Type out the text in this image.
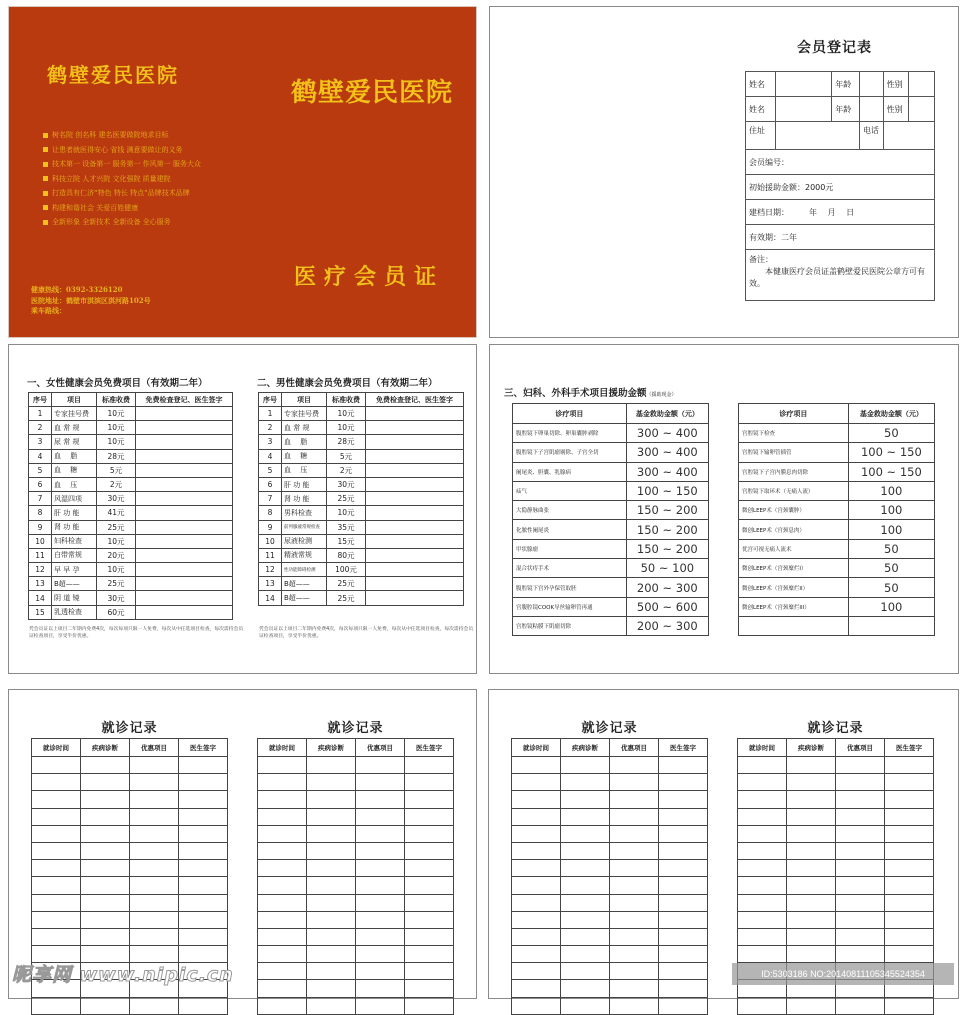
鹤壁爱民医院
鹤壁爱民医院
树名院 创名科 建名医要做院地求目标
让患者就医得安心 省钱 满意要做让的义务
技术第一 设备第一 服务第一 作风第一 服务大众
科技立院 人才兴院 文化强院 质量建院
打造具有仁济“特色 特长 特点”品牌技术品牌
构建和谐社会 关爱百姓健康
全新形象 全新技术 全新设备 全心服务
健康热线：0392-3326120
医院地址：鹤壁市淇滨区淇河路102号
乘车路线：
医疗会员证
会员登记表
姓名		年龄		性别	
姓名		年龄		性别	
住址			电话		
会员编号：					
初始援助金额：2000元					
建档日期：　　　年　 月　 日					
有效期：二年					

备注：
本健康医疗会员证盖鹤壁爱民医院公章方可有效。					
一、女性健康会员免费项目（有效期二年）
序号	项目	标准收费	免费检查登记、医生签字
1	专家挂号费	10元	
2	血 常 规	10元	
3	尿 常 规	10元	
4	血　 脂	28元	
5	血　 糖	5元	
6	血　 压	2元	
7	风湿四项	30元	
8	肝 功 能	41元	
9	肾 功 能	25元	
10	妇科检查	10元	
11	白带常规	20元	
12	早 早 孕	10元	
13	B超——	25元	
14	阴 道 镜	30元	
15	乳透检查	60元	
凭会员证以上项目二年期内免费4次，每次每项只限一人免费，每次从中任选项目检查，每次需持会员证检查项目，享受半价优惠。
二、男性健康会员免费项目（有效期二年）
序号	项目	标准收费	免费检查登记、医生签字
1	专家挂号费	10元	
2	血 常 规	10元	
3	血　 脂	28元	
4	血　 糖	5元	
5	血　 压	2元	
6	肝 功 能	30元	
7	肾 功 能	25元	
8	男科检查	10元	
9	前列腺液常规检查	35元	
10	尿液检测	15元	
11	精液常规	80元	
12	性功能障碍检测	100元	
13	B超——	25元	
14	B超——	25元	
凭会员证以上项目二年期内免费4次，每次每项只限一人免费，每次从中任选项目检查，每次需持会员证检查项目，享受半价优惠。
三、妇科、外科手术项目援助金额（援助现金）
诊疗项目	基金救助金额（元）
腹腔镜下卵巢切除、卵巢囊肿剥除	300 ~ 400
腹腔镜下子宫肌瘤剔除、子宫全切	300 ~ 400
阑尾炎、胆囊、乳腺病	300 ~ 400
疝气	100 ~ 150
大隐静脉曲张	150 ~ 200
化脓性阑尾炎	150 ~ 200
甲状腺瘤	150 ~ 200
混合状痔手术	50 ~ 100
腹腔镜下宫外孕保管取胚	200 ~ 300
宫腹腔镜COOK导丝输卵管再通	500 ~ 600
宫腔镜粘膜下肌瘤切除	200 ~ 300
诊疗项目	基金救助金额（元）
宫腔镜下检查	50
宫腔镜下输卵管插管	100 ~ 150
宫腔镜下子宫内膜息肉切除	100 ~ 150
宫腔镜下取环术（无痛人流）	100
微创LEEP术（宫颈囊肿）	100
微创LEEP术（宫颈息肉）	100
优宫可视无痛人流术	50
微创LEEP术（宫颈糜烂I）	50
微创LEEP术（宫颈糜烂II）	50
微创LEEP术（宫颈糜烂III）	100

就诊记录
就诊时间	疾病诊断	优惠项目	医生签字

就诊记录
就诊时间	疾病诊断	优惠项目	医生签字

就诊记录
就诊时间	疾病诊断	优惠项目	医生签字

就诊记录
就诊时间	疾病诊断	优惠项目	医生签字

昵享网 www.nipic.cn	ID:5303186 NO:20140811105345524354
